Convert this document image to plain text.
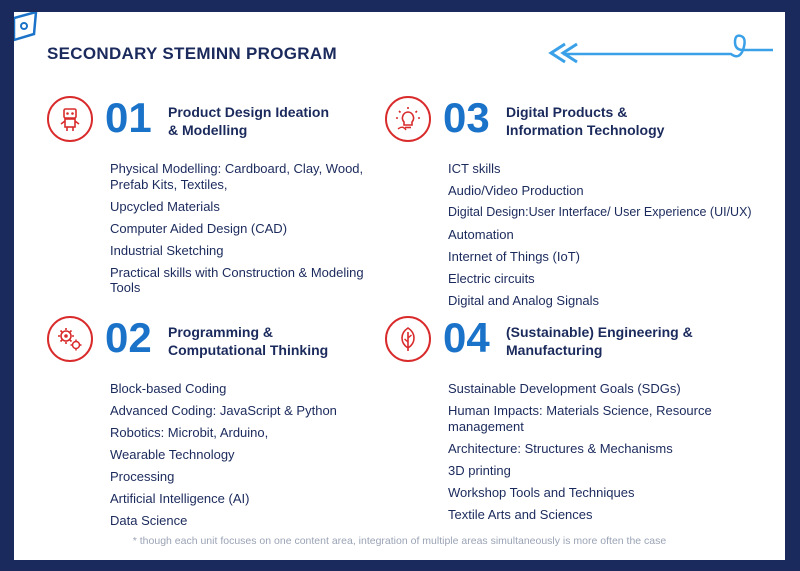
SECONDARY STEMINN PROGRAM
01 Product Design Ideation
& Modelling
Physical Modelling: Cardboard, Clay, Wood, Prefab Kits, Textiles,
Upcycled Materials
Computer Aided Design (CAD)
Industrial Sketching
Practical skills with Construction & Modeling Tools
02 Programming &
Computational Thinking
Block-based Coding
Advanced Coding: JavaScript & Python
Robotics: Microbit, Arduino,
Wearable Technology
Processing
Artificial Intelligence (AI)
Data Science
03 Digital Products &
Information Technology
ICT skills
Audio/Video Production
Digital Design:User Interface/ User Experience (UI/UX)
Automation
Internet of Things (IoT)
Electric circuits
Digital and Analog Signals
04 (Sustainable) Engineering &
Manufacturing
Sustainable Development Goals (SDGs)
Human Impacts: Materials Science, Resource management
Architecture: Structures & Mechanisms
3D printing
Workshop Tools and Techniques
Textile Arts and Sciences
* though each unit focuses on one content area, integration of multiple areas simultaneously is more often the case
